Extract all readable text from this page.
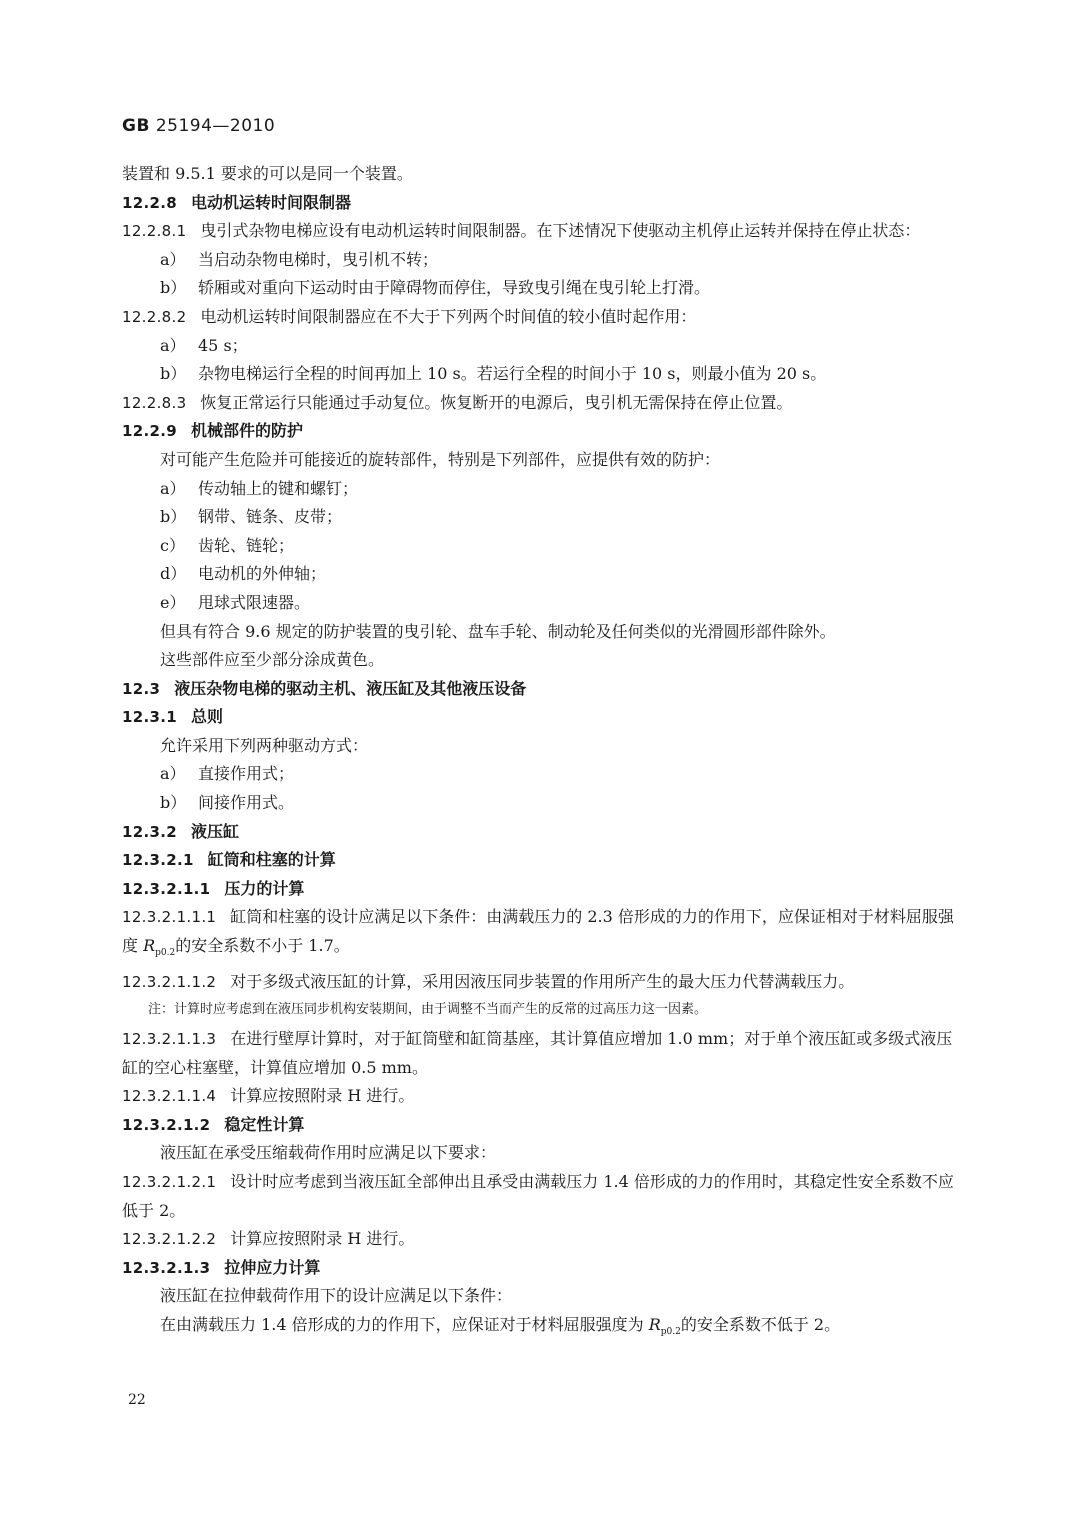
GB 25194—2010
装置和 9.5.1 要求的可以是同一个装置。
12.2.8 电动机运转时间限制器
12.2.8.1 曳引式杂物电梯应设有电动机运转时间限制器。在下述情况下使驱动主机停止运转并保持在停止状态：
a） 当启动杂物电梯时，曳引机不转；
b） 轿厢或对重向下运动时由于障碍物而停住，导致曳引绳在曳引轮上打滑。
12.2.8.2 电动机运转时间限制器应在不大于下列两个时间值的较小值时起作用：
a） 45 s；
b） 杂物电梯运行全程的时间再加上 10 s。若运行全程的时间小于 10 s，则最小值为 20 s。
12.2.8.3 恢复正常运行只能通过手动复位。恢复断开的电源后，曳引机无需保持在停止位置。
12.2.9 机械部件的防护
对可能产生危险并可能接近的旋转部件，特别是下列部件，应提供有效的防护：
a） 传动轴上的键和螺钉；
b） 钢带、链条、皮带；
c） 齿轮、链轮；
d） 电动机的外伸轴；
e） 甩球式限速器。
但具有符合 9.6 规定的防护装置的曳引轮、盘车手轮、制动轮及任何类似的光滑圆形部件除外。
这些部件应至少部分涂成黄色。
12.3 液压杂物电梯的驱动主机、液压缸及其他液压设备
12.3.1 总则
允许采用下列两种驱动方式：
a） 直接作用式；
b） 间接作用式。
12.3.2 液压缸
12.3.2.1 缸筒和柱塞的计算
12.3.2.1.1 压力的计算
12.3.2.1.1.1 缸筒和柱塞的设计应满足以下条件：由满载压力的 2.3 倍形成的力的作用下，应保证相对于材料屈服强度 $R_{p0.2}$的安全系数不小于 1.7。
12.3.2.1.1.2 对于多级式液压缸的计算，采用因液压同步装置的作用所产生的最大压力代替满载压力。
注：计算时应考虑到在液压同步机构安装期间，由于调整不当而产生的反常的过高压力这一因素。
12.3.2.1.1.3 在进行壁厚计算时，对于缸筒壁和缸筒基座，其计算值应增加 1.0 mm；对于单个液压缸或多级式液压缸的空心柱塞壁，计算值应增加 0.5 mm。
12.3.2.1.1.4 计算应按照附录 H 进行。
12.3.2.1.2 稳定性计算
液压缸在承受压缩载荷作用时应满足以下要求：
12.3.2.1.2.1 设计时应考虑到当液压缸全部伸出且承受由满载压力 1.4 倍形成的力的作用时，其稳定性安全系数不应低于 2。
12.3.2.1.2.2 计算应按照附录 H 进行。
12.3.2.1.3 拉伸应力计算
液压缸在拉伸载荷作用下的设计应满足以下条件：
在由满载压力 1.4 倍形成的力的作用下，应保证对于材料屈服强度为 $R_{p0.2}$的安全系数不低于 2。
22
